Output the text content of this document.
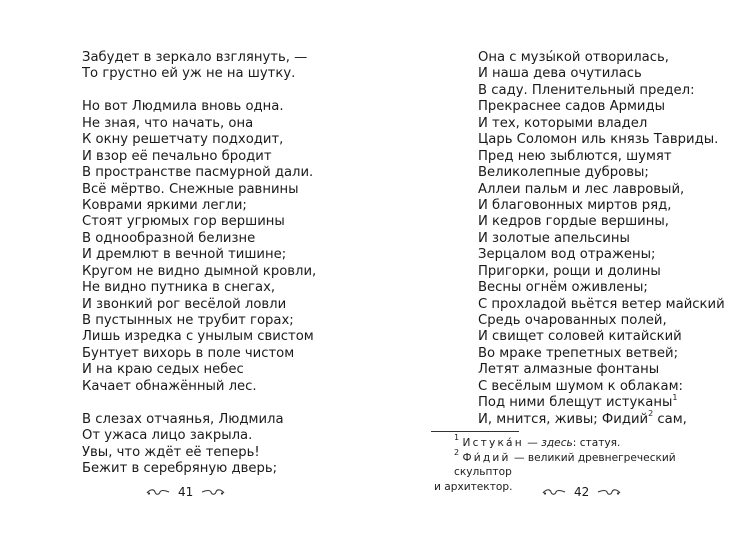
Забудет в зеркало взглянуть, —
То грустно ей уж не на шутку.
Но вот Людмила вновь одна.
Не зная, что начать, она
К окну решетчату подходит,
И взор её печально бродит
В пространстве пасмурной дали.
Всё мёртво. Снежные равнины
Коврами яркими легли;
Стоят угрюмых гор вершины
В однообразной белизне
И дремлют в вечной тишине;
Кругом не видно дымной кровли,
Не видно путника в снегах,
И звонкий рог весёлой ловли
В пустынных не трубит горах;
Лишь изредка с унылым свистом
Бунтует вихорь в поле чистом
И на краю седых небес
Качает обнажённый лес.
В слезах отчаянья, Людмила
От ужаса лицо закрыла.
Увы, что ждёт её теперь!
Бежит в серебряную дверь;
41
Она с музы́кой отворилась,
И наша дева очутилась
В саду. Пленительный предел:
Прекраснее садов Армиды
И тех, которыми владел
Царь Соломон иль князь Тавриды.
Пред нею зыблются, шумят
Великолепные дубровы;
Аллеи пальм и лес лавровый,
И благовонных миртов ряд,
И кедров гордые вершины,
И золотые апельсины
Зерцалом вод отражены;
Пригорки, рощи и долины
Весны огнём оживлены;
С прохладой вьётся ветер майский
Средь очарованных полей,
И свищет соловей китайский
Во мраке трепетных ветвей;
Летят алмазные фонтаны
С весёлым шумом к облакам:
Под ними блещут истуканы$^1$
И, мнится, живы; Фидий$^2$ сам,

$^1$ Истука́н — здесь: статуя.

$^2$ Фи́дий — великий древнегреческий скульптор

и архитектор.	42
